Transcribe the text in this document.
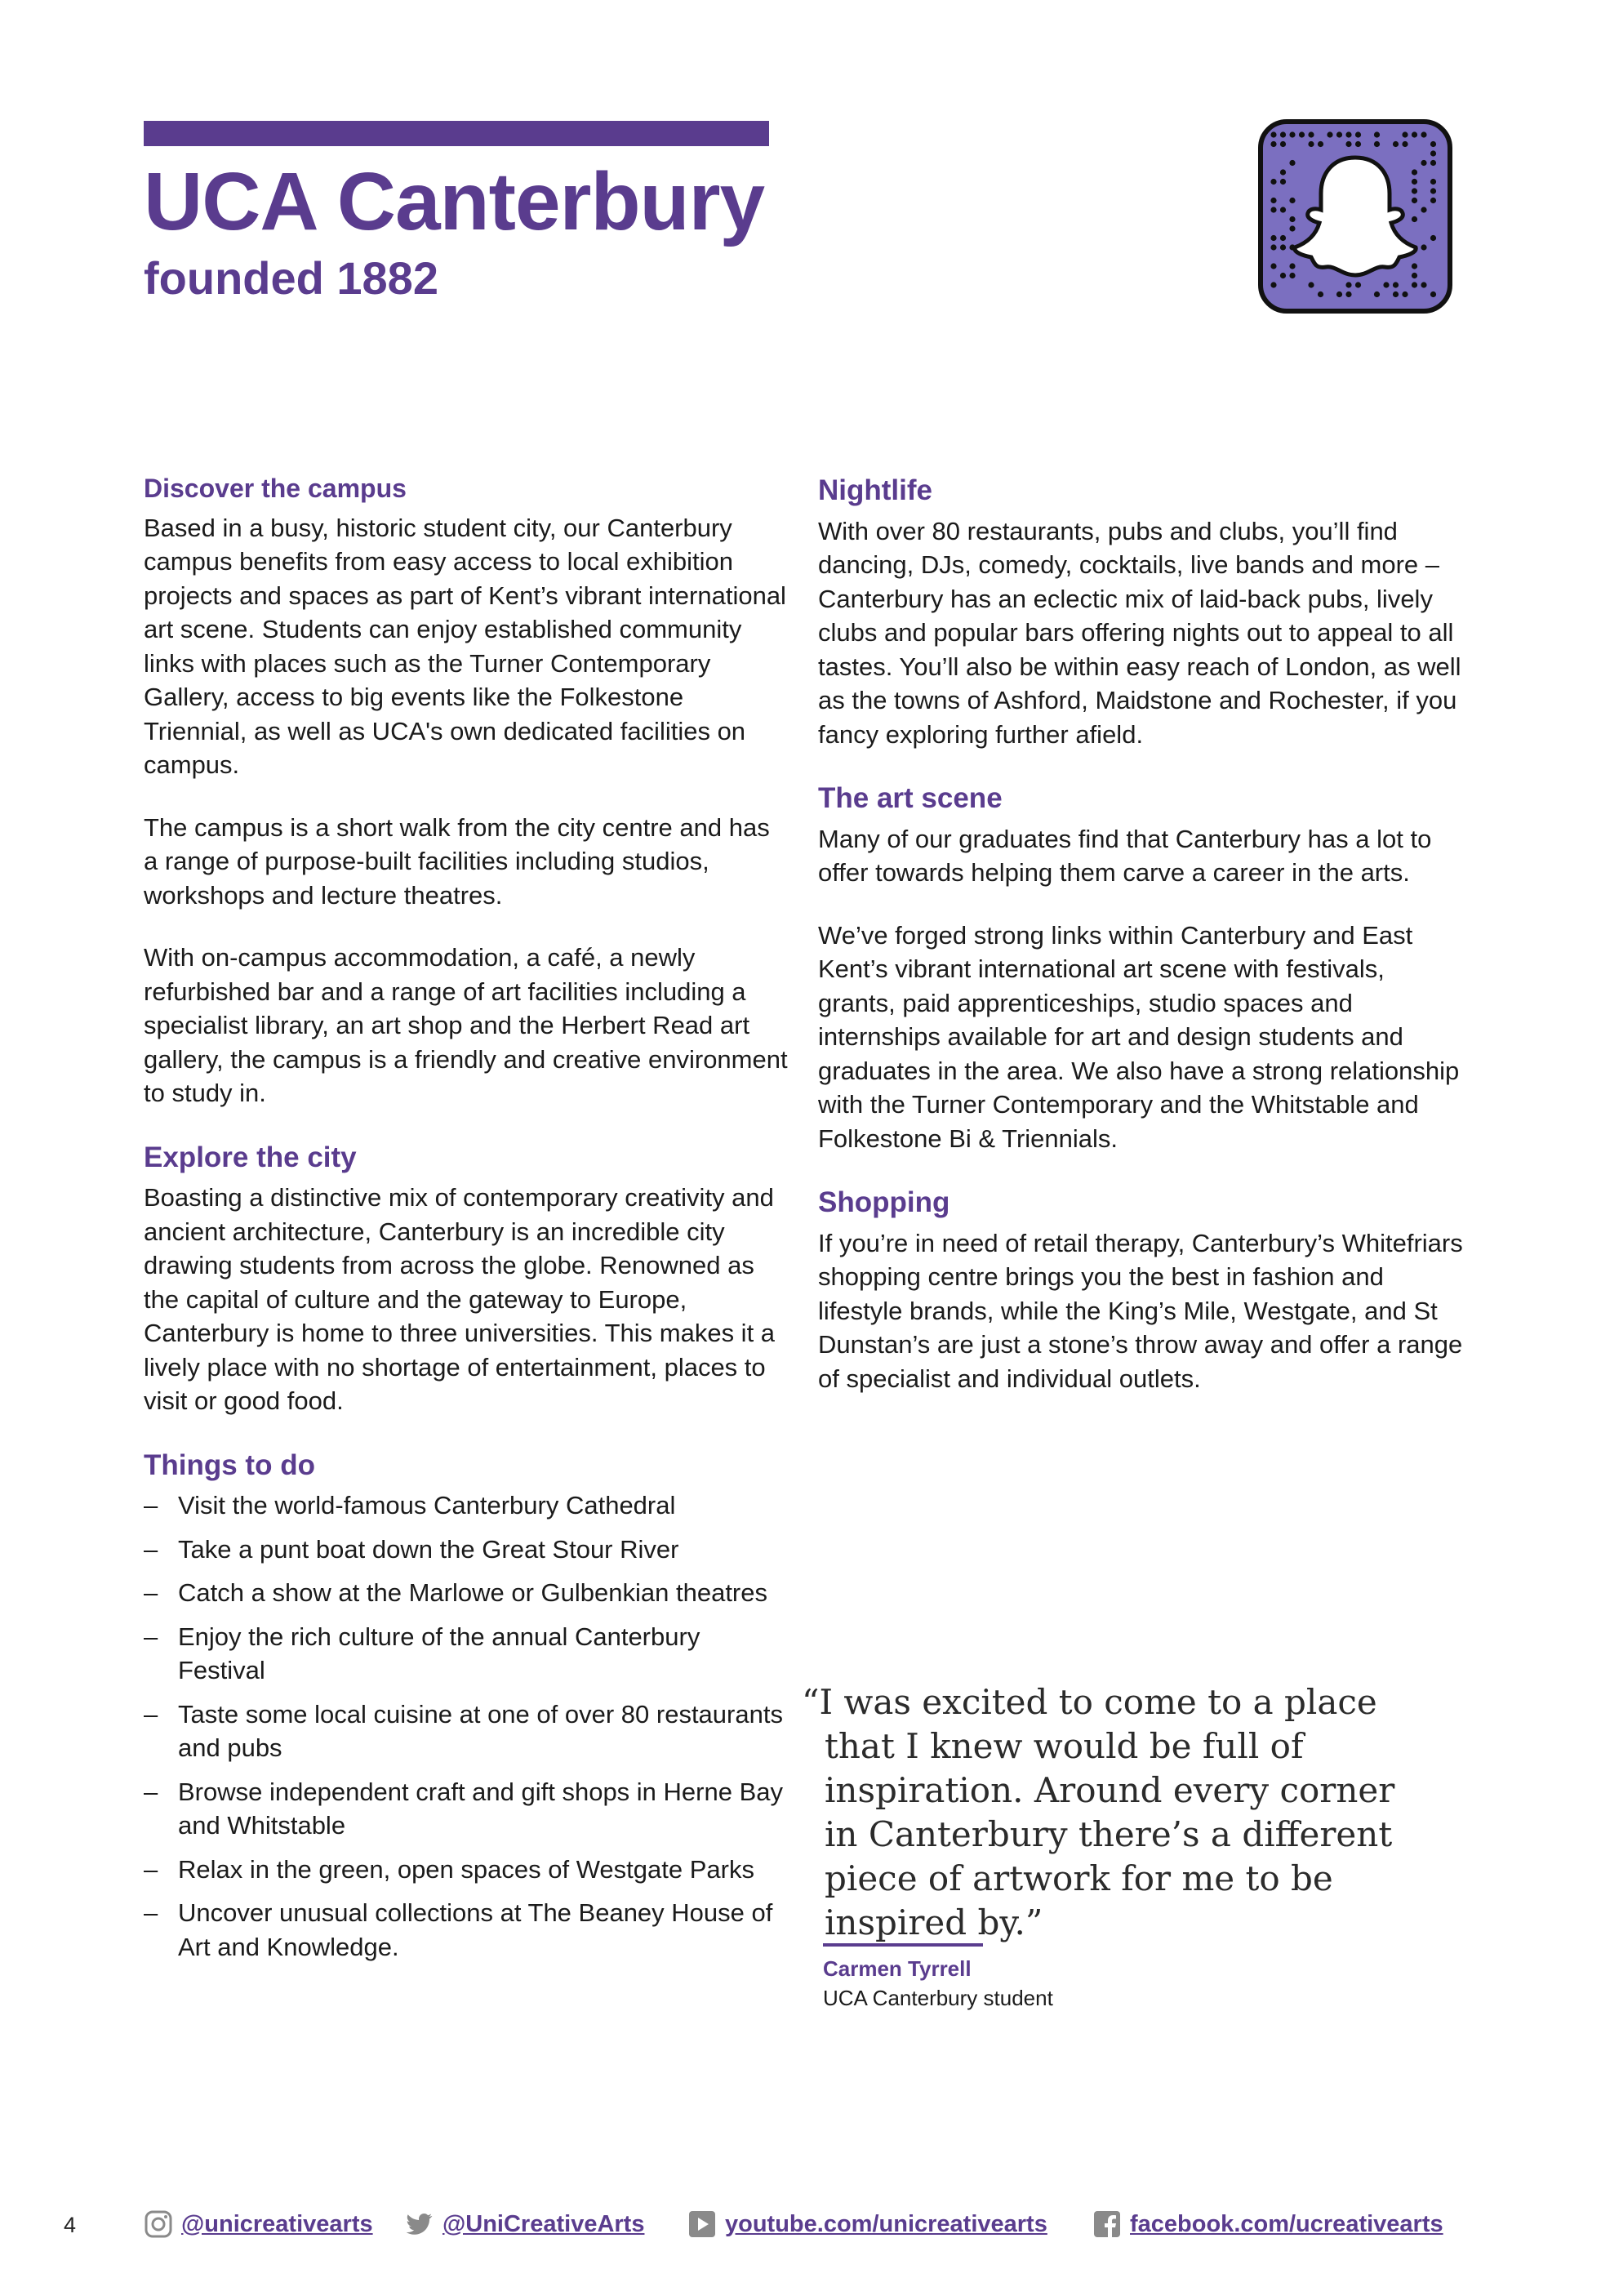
UCA Canterbury
founded 1882
Discover the campus

Based in a busy, historic student city, our Canterbury campus benefits from easy access to local exhibition projects and spaces as part of Kent’s vibrant international art scene. Students can enjoy established community links with places such as the Turner Contemporary Gallery, access to big events like the Folkestone Triennial, as well as UCA's own dedicated facilities on campus.

The campus is a short walk from the city centre and has a range of purpose-built facilities including studios, workshops and lecture theatres.

With on-campus accommodation, a café, a newly refurbished bar and a range of art facilities including a specialist library, an art shop and the Herbert Read art gallery, the campus is a friendly and creative environment to study in.

Explore the city

Boasting a distinctive mix of contemporary creativity and ancient architecture, Canterbury is an incredible city drawing students from across the globe. Renowned as the capital of culture and the gateway to Europe, Canterbury is home to three universities. This makes it a lively place with no shortage of entertainment, places to visit or good food.

Things to do
– Visit the world-famous Canterbury Cathedral
– Take a punt boat down the Great Stour River
– Catch a show at the Marlowe or Gulbenkian theatres
– Enjoy the rich culture of the annual Canterbury Festival
– Taste some local cuisine at one of over 80 restaurants and pubs
– Browse independent craft and gift shops in Herne Bay and Whitstable
– Relax in the green, open spaces of Westgate Parks
– Uncover unusual collections at The Beaney House of Art and Knowledge.
Nightlife

With over 80 restaurants, pubs and clubs, you’ll find dancing, DJs, comedy, cocktails, live bands and more – Canterbury has an eclectic mix of laid-back pubs, lively clubs and popular bars offering nights out to appeal to all tastes. You’ll also be within easy reach of London, as well as the towns of Ashford, Maidstone and Rochester, if you fancy exploring further afield.

The art scene

Many of our graduates find that Canterbury has a lot to offer towards helping them carve a career in the arts.

We’ve forged strong links within Canterbury and East Kent’s vibrant international art scene with festivals, grants, paid apprenticeships, studio spaces and internships available for art and design students and graduates in the area. We also have a strong relationship with the Turner Contemporary and the Whitstable and Folkestone Bi & Triennials.

Shopping

If you’re in need of retail therapy, Canterbury’s Whitefriars shopping centre brings you the best in fashion and lifestyle brands, while the King’s Mile, Westgate, and St Dunstan’s are just a stone’s throw away and offer a range of specialist and individual outlets.

“I was excited to come to a place that I knew would be full of inspiration. Around every corner in Canterbury there’s a different piece of artwork for me to be inspired by.”

Carmen Tyrrell
UCA Canterbury student
4	@unicreativearts	@UniCreativeArts	youtube.com/unicreativearts	facebook.com/ucreativearts
